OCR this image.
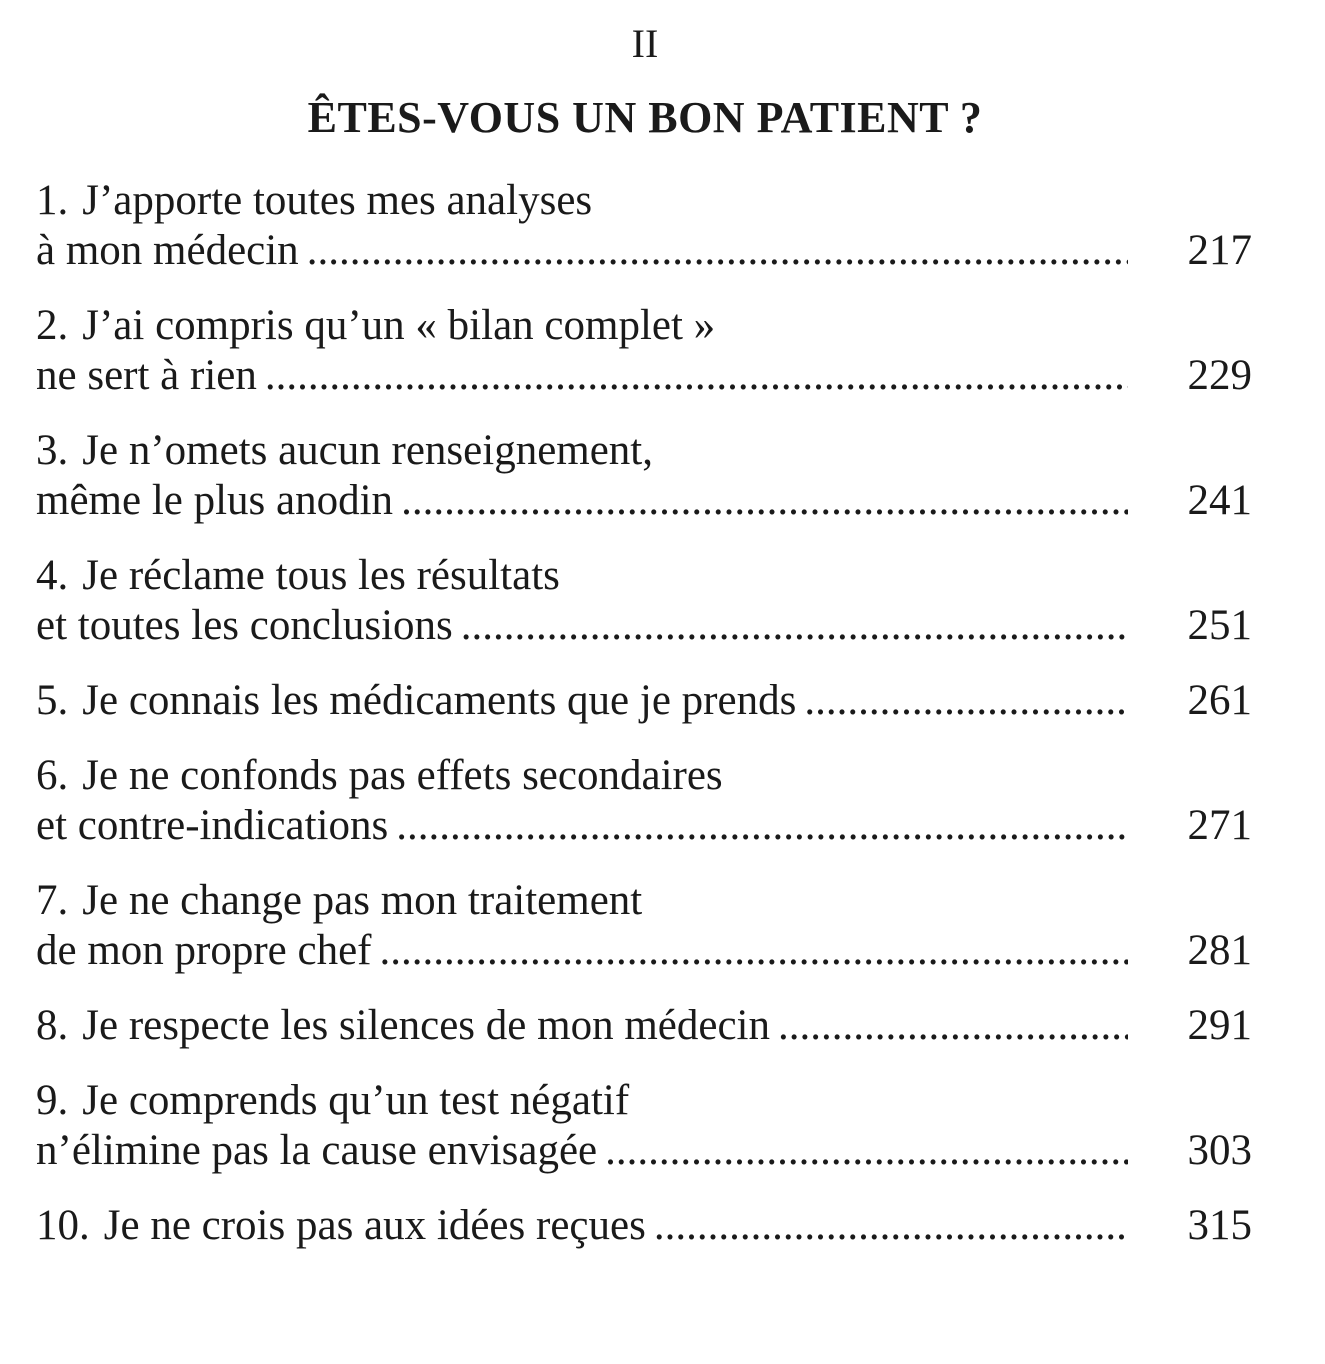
II
ÊTES-VOUS UN BON PATIENT ?
1. J’apporte toutes mes analyses
à mon médecin .....	217
2. J’ai compris qu’un « bilan complet »
ne sert à rien .....	229
3. Je n’omets aucun renseignement,
même le plus anodin .....	241
4. Je réclame tous les résultats
et toutes les conclusions .....	251
5. Je connais les médicaments que je prends .....	261
6. Je ne confonds pas effets secondaires
et contre-indications .....	271
7. Je ne change pas mon traitement
de mon propre chef .....	281
8. Je respecte les silences de mon médecin .....	291
9. Je comprends qu’un test négatif
n’élimine pas la cause envisagée .....	303
10. Je ne crois pas aux idées reçues .....	315
